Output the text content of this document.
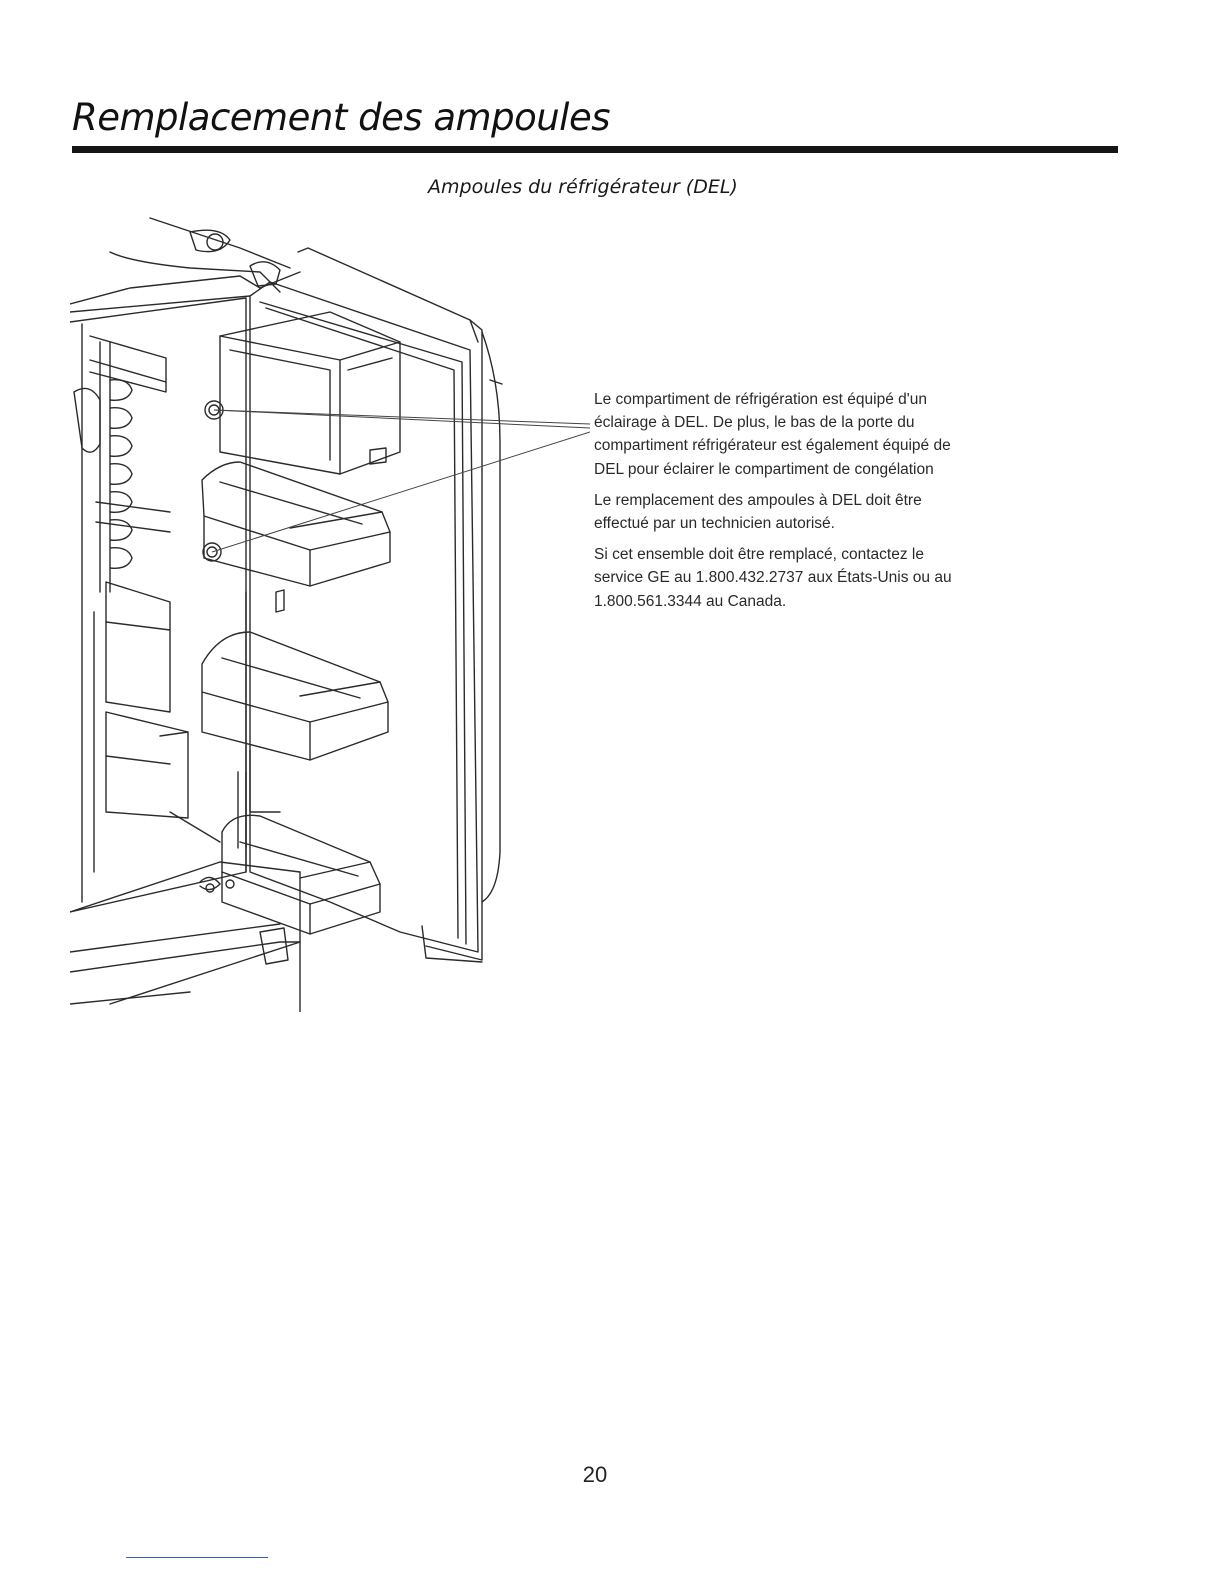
Remplacement des ampoules
Ampoules du réfrigérateur (DEL)

Le compartiment de réfrigération est équipé d'un éclairage à DEL. De plus, le bas de la porte du compartiment réfrigérateur est également équipé de DEL pour éclairer le compartiment de congélation

Le remplacement des ampoules à DEL doit être effectué par un technicien autorisé.

Si cet ensemble doit être remplacé, contactez le service GE au 1.800.432.2737 aux États-Unis ou au 1.800.561.3344 au Canada.

20
